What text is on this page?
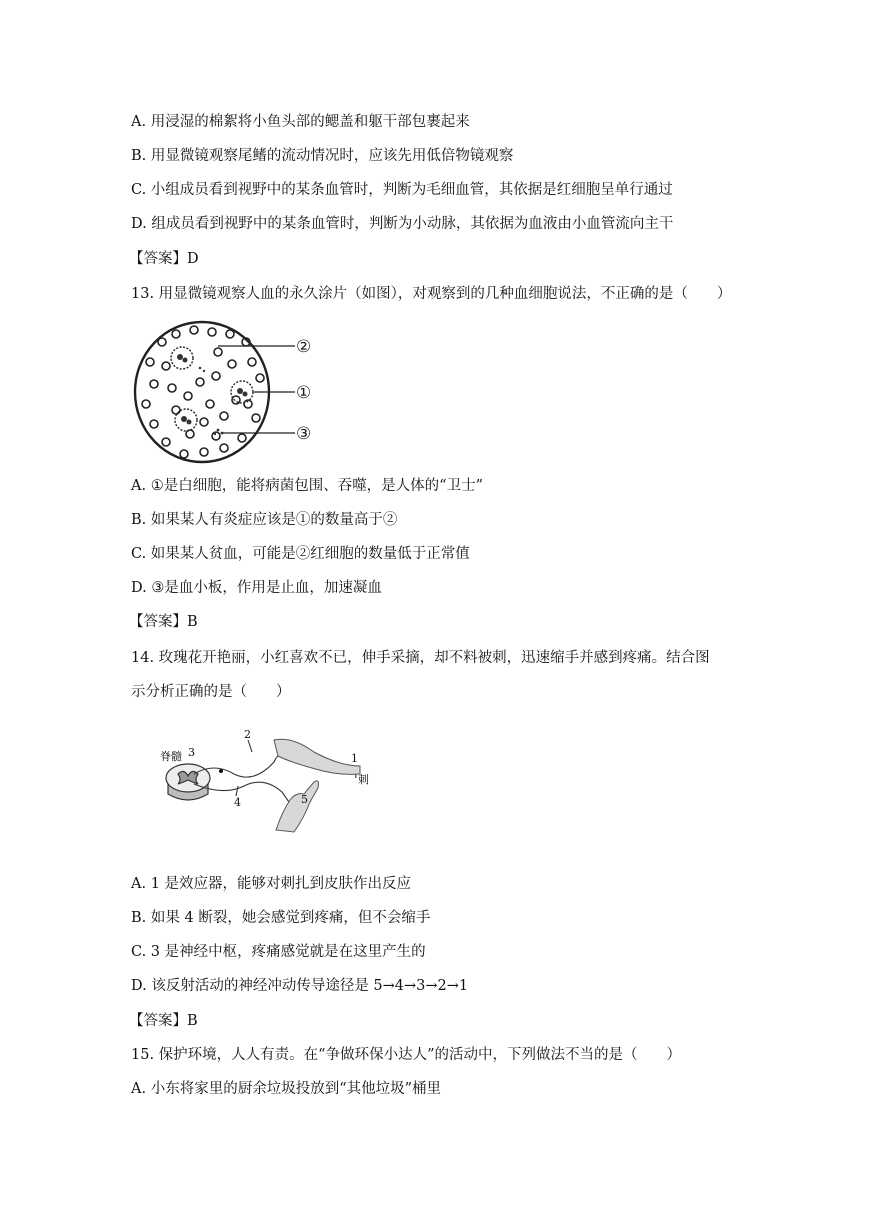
A. 用浸湿的棉絮将小鱼头部的鳃盖和躯干部包裹起来
B. 用显微镜观察尾鳍的流动情况时，应该先用低倍物镜观察
C. 小组成员看到视野中的某条血管时，判断为毛细血管，其依据是红细胞呈单行通过
D. 组成员看到视野中的某条血管时，判断为小动脉，其依据为血液由小血管流向主干
【答案】D
13. 用显微镜观察人血的永久涂片（如图），对观察到的几种血细胞说法，不正确的是（　　）
②
①
③
A. ①是白细胞，能将病菌包围、吞噬，是人体的“卫士”
B. 如果某人有炎症应该是①的数量高于②
C. 如果某人贫血，可能是②红细胞的数量低于正常值
D. ③是血小板，作用是止血，加速凝血
【答案】B
14. 玫瑰花开艳丽，小红喜欢不已，伸手采摘，却不料被刺，迅速缩手并感到疼痛。结合图
示分析正确的是（　　）
脊髓 3
2
1
刺
4	5
A. 1 是效应器，能够对刺扎到皮肤作出反应
B. 如果 4 断裂，她会感觉到疼痛，但不会缩手
C. 3 是神经中枢，疼痛感觉就是在这里产生的
D. 该反射活动的神经冲动传导途径是 5→4→3→2→1
【答案】B
15. 保护环境，人人有责。在“争做环保小达人”的活动中，下列做法不当的是（　　）
A. 小东将家里的厨余垃圾投放到“其他垃圾”桶里
